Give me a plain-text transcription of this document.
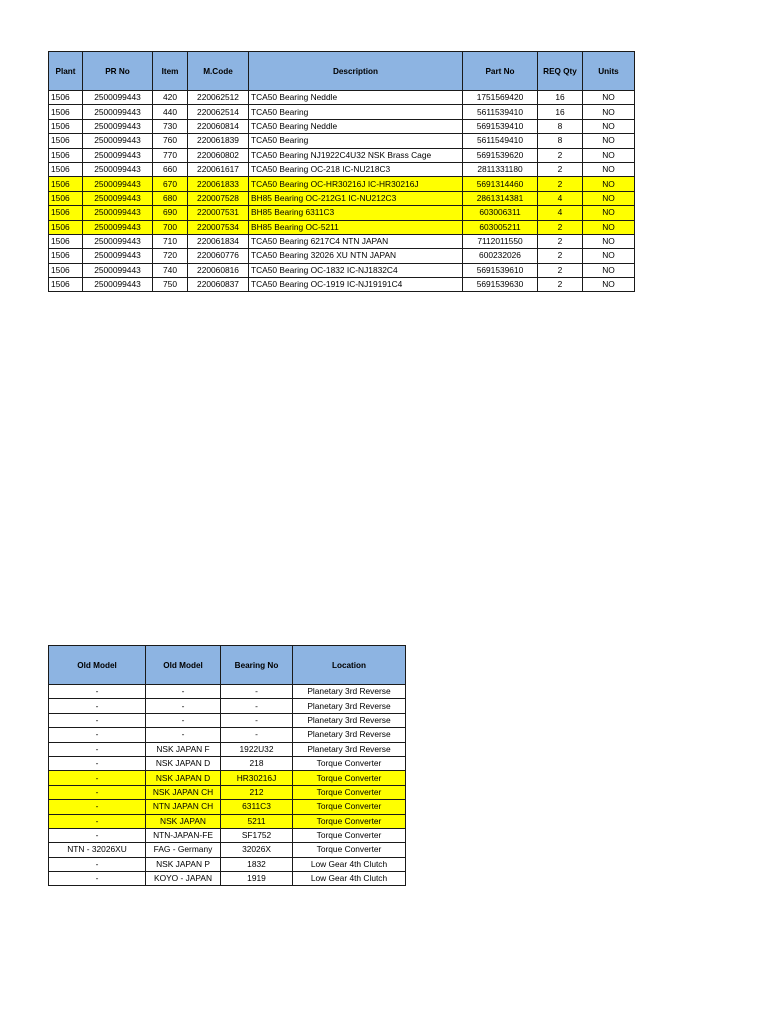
Plant	PR No	Item	M.Code	Description	Part No	REQ Qty	Units
1506	2500099443	420	220062512	TCA50 Bearing Neddle	1751569420	16	NO
1506	2500099443	440	220062514	TCA50 Bearing	5611539410	16	NO
1506	2500099443	730	220060814	TCA50 Bearing Neddle	5691539410	8	NO
1506	2500099443	760	220061839	TCA50 Bearing	5611549410	8	NO
1506	2500099443	770	220060802	TCA50 Bearing NJ1922C4U32 NSK Brass Cage	5691539620	2	NO
1506	2500099443	660	220061617	TCA50 Bearing OC-218 IC-NU218C3	2811331180	2	NO
1506	2500099443	670	220061833	TCA50 Bearing OC-HR30216J IC-HR30216J	5691314460	2	NO
1506	2500099443	680	220007528	BH85 Bearing OC-212G1 IC-NU212C3	2861314381	4	NO
1506	2500099443	690	220007531	BH85 Bearing 6311C3	603006311	4	NO
1506	2500099443	700	220007534	BH85 Bearing OC-5211	603005211	2	NO
1506	2500099443	710	220061834	TCA50 Bearing 6217C4 NTN JAPAN	7112011550	2	NO
1506	2500099443	720	220060776	TCA50 Bearing 32026 XU NTN JAPAN	600232026	2	NO
1506	2500099443	740	220060816	TCA50 Bearing OC-1832 IC-NJ1832C4	5691539610	2	NO
1506	2500099443	750	220060837	TCA50 Bearing OC-1919 IC-NJ19191C4	5691539630	2	NO
Old Model	Old Model	Bearing No	Location
-	-	-	Planetary 3rd Reverse
-	-	-	Planetary 3rd Reverse
-	-	-	Planetary 3rd Reverse
-	-	-	Planetary 3rd Reverse
-	NSK JAPAN F	1922U32	Planetary 3rd Reverse
-	NSK JAPAN D	218	Torque Converter
-	NSK JAPAN D	HR30216J	Torque Converter
-	NSK JAPAN CH	212	Torque Converter
-	NTN JAPAN CH	6311C3	Torque Converter
-	NSK JAPAN	5211	Torque Converter
-	NTN-JAPAN-FE	SF1752	Torque Converter
NTN - 32026XU	FAG - Germany	32026X	Torque Converter
-	NSK JAPAN P	1832	Low Gear 4th Clutch
-	KOYO - JAPAN	1919	Low Gear 4th Clutch
